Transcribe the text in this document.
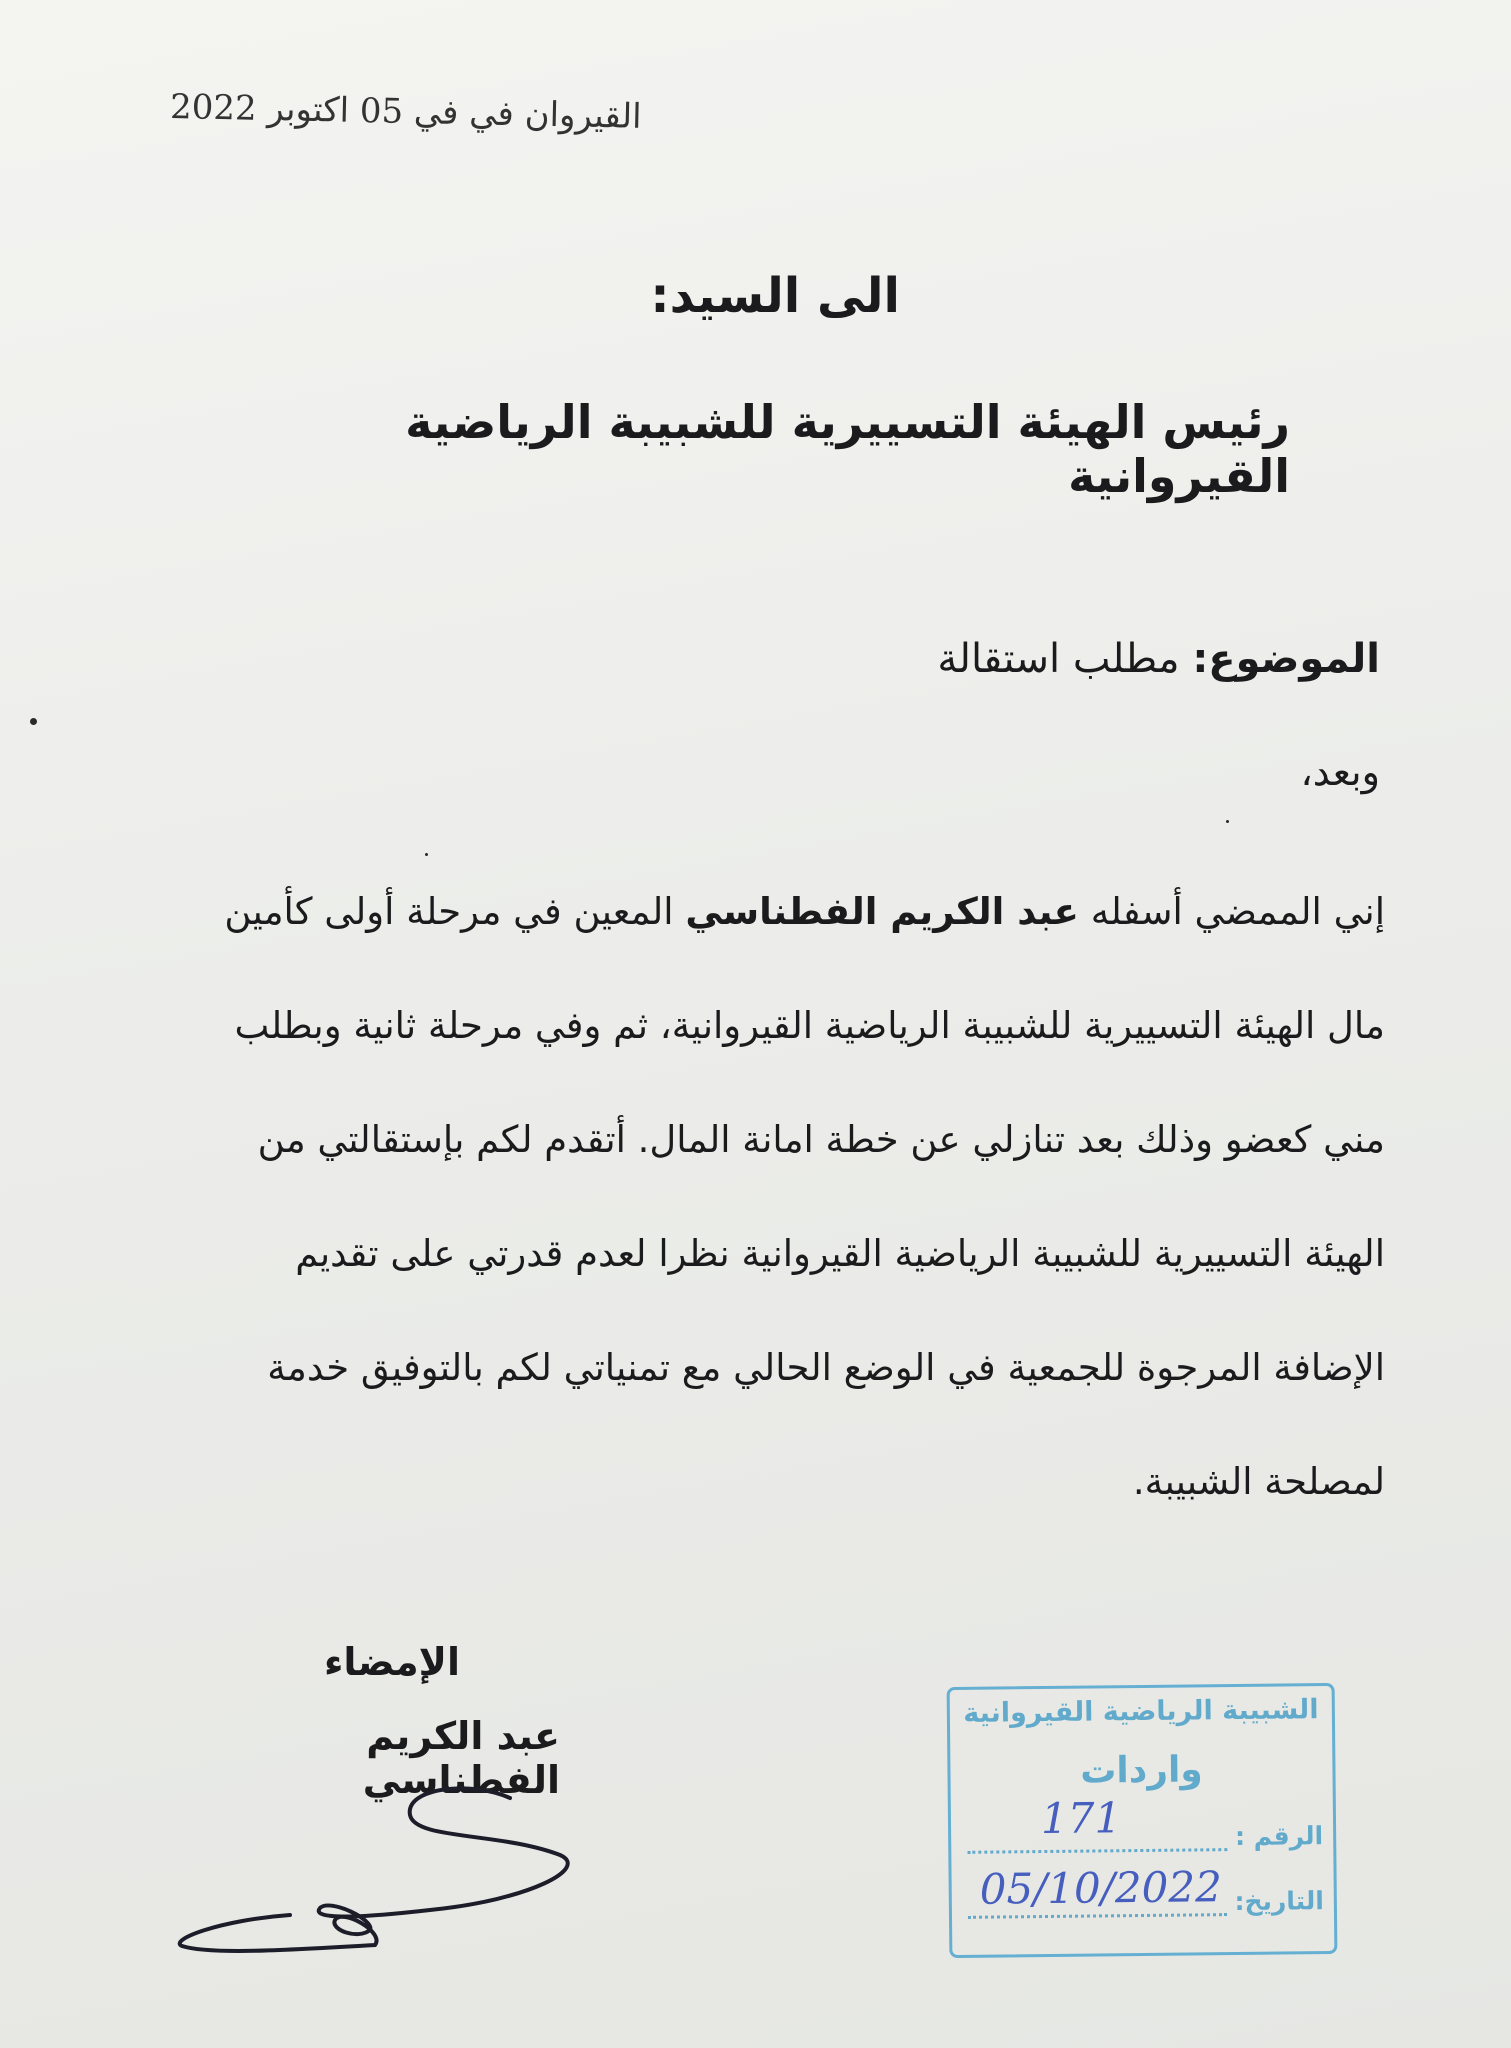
القيروان في في 05 اكتوبر 2022
الى السيد:
رئيس الهيئة التسييرية للشبيبة الرياضية القيروانية
الموضوع: مطلب استقالة
وبعد،
إني الممضي أسفله عبد الكريم الفطناسي المعين في مرحلة أولى كأمين
مال الهيئة التسييرية للشبيبة الرياضية القيروانية، ثم وفي مرحلة ثانية وبطلب
مني كعضو وذلك بعد تنازلي عن خطة امانة المال. أتقدم لكم بإستقالتي من
الهيئة التسييرية للشبيبة الرياضية القيروانية نظرا لعدم قدرتي على تقديم
الإضافة المرجوة للجمعية في الوضع الحالي مع تمنياتي لكم بالتوفيق خدمة
لمصلحة الشبيبة.
الإمضاء
عبد الكريم الفطناسي
الشبيبة الرياضية القيروانية
واردات
الرقم :
التاريخ:
171
05/10/2022
